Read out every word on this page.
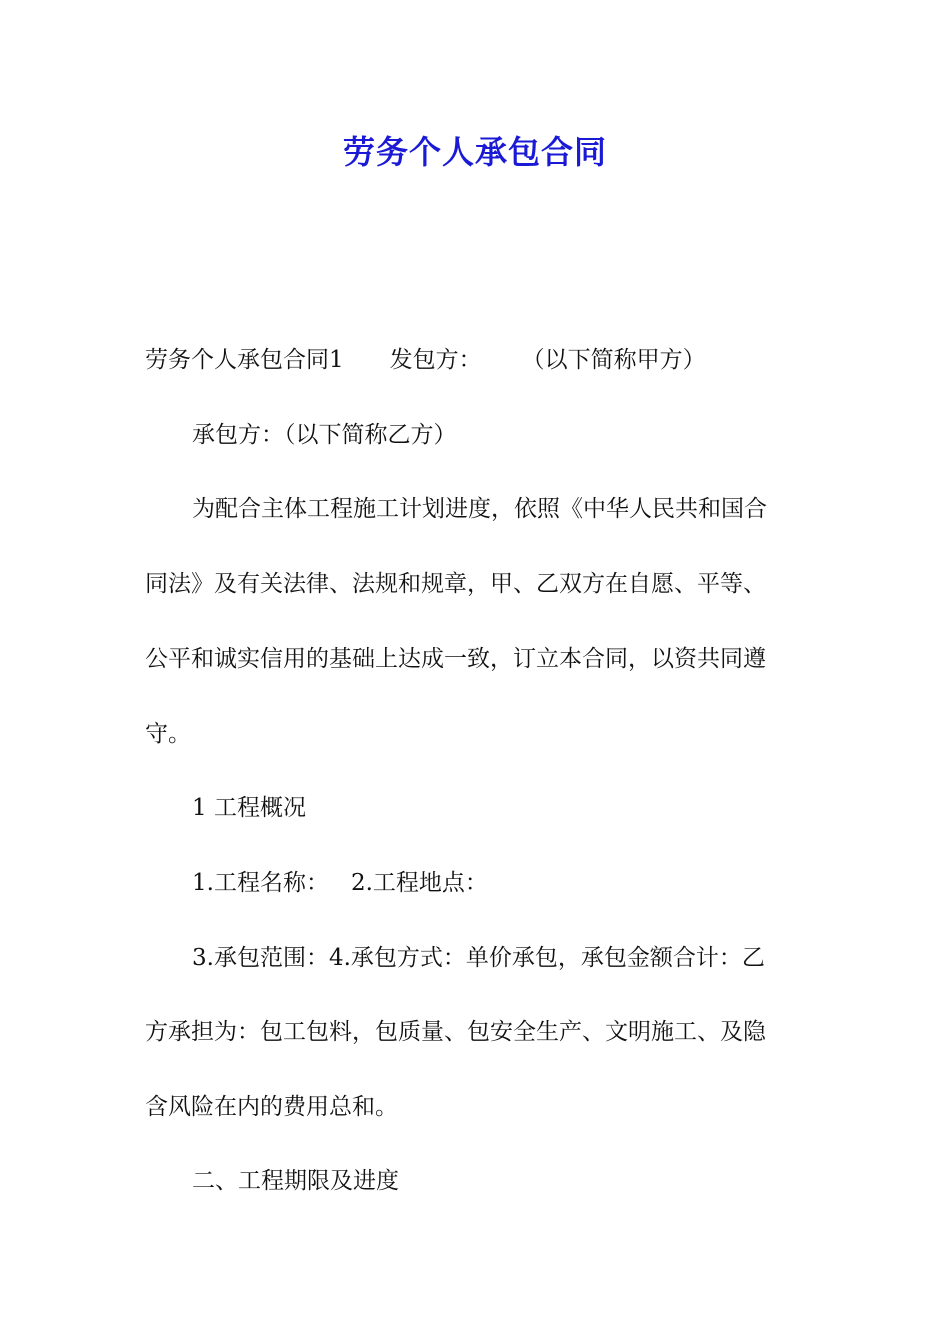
劳务个人承包合同
劳务个人承包合同1 发包方： （以下简称甲方）
承包方：（以下简称乙方）
为配合主体工程施工计划进度，依照《中华人民共和国合
同法》及有关法律、法规和规章，甲、乙双方在自愿、平等、
公平和诚实信用的基础上达成一致，订立本合同，以资共同遵
守。
1 工程概况
1.工程名称： 2.工程地点：
3.承包范围：4.承包方式：单价承包，承包金额合计：乙
方承担为：包工包料，包质量、包安全生产、文明施工、及隐
含风险在内的费用总和。
二、工程期限及进度
